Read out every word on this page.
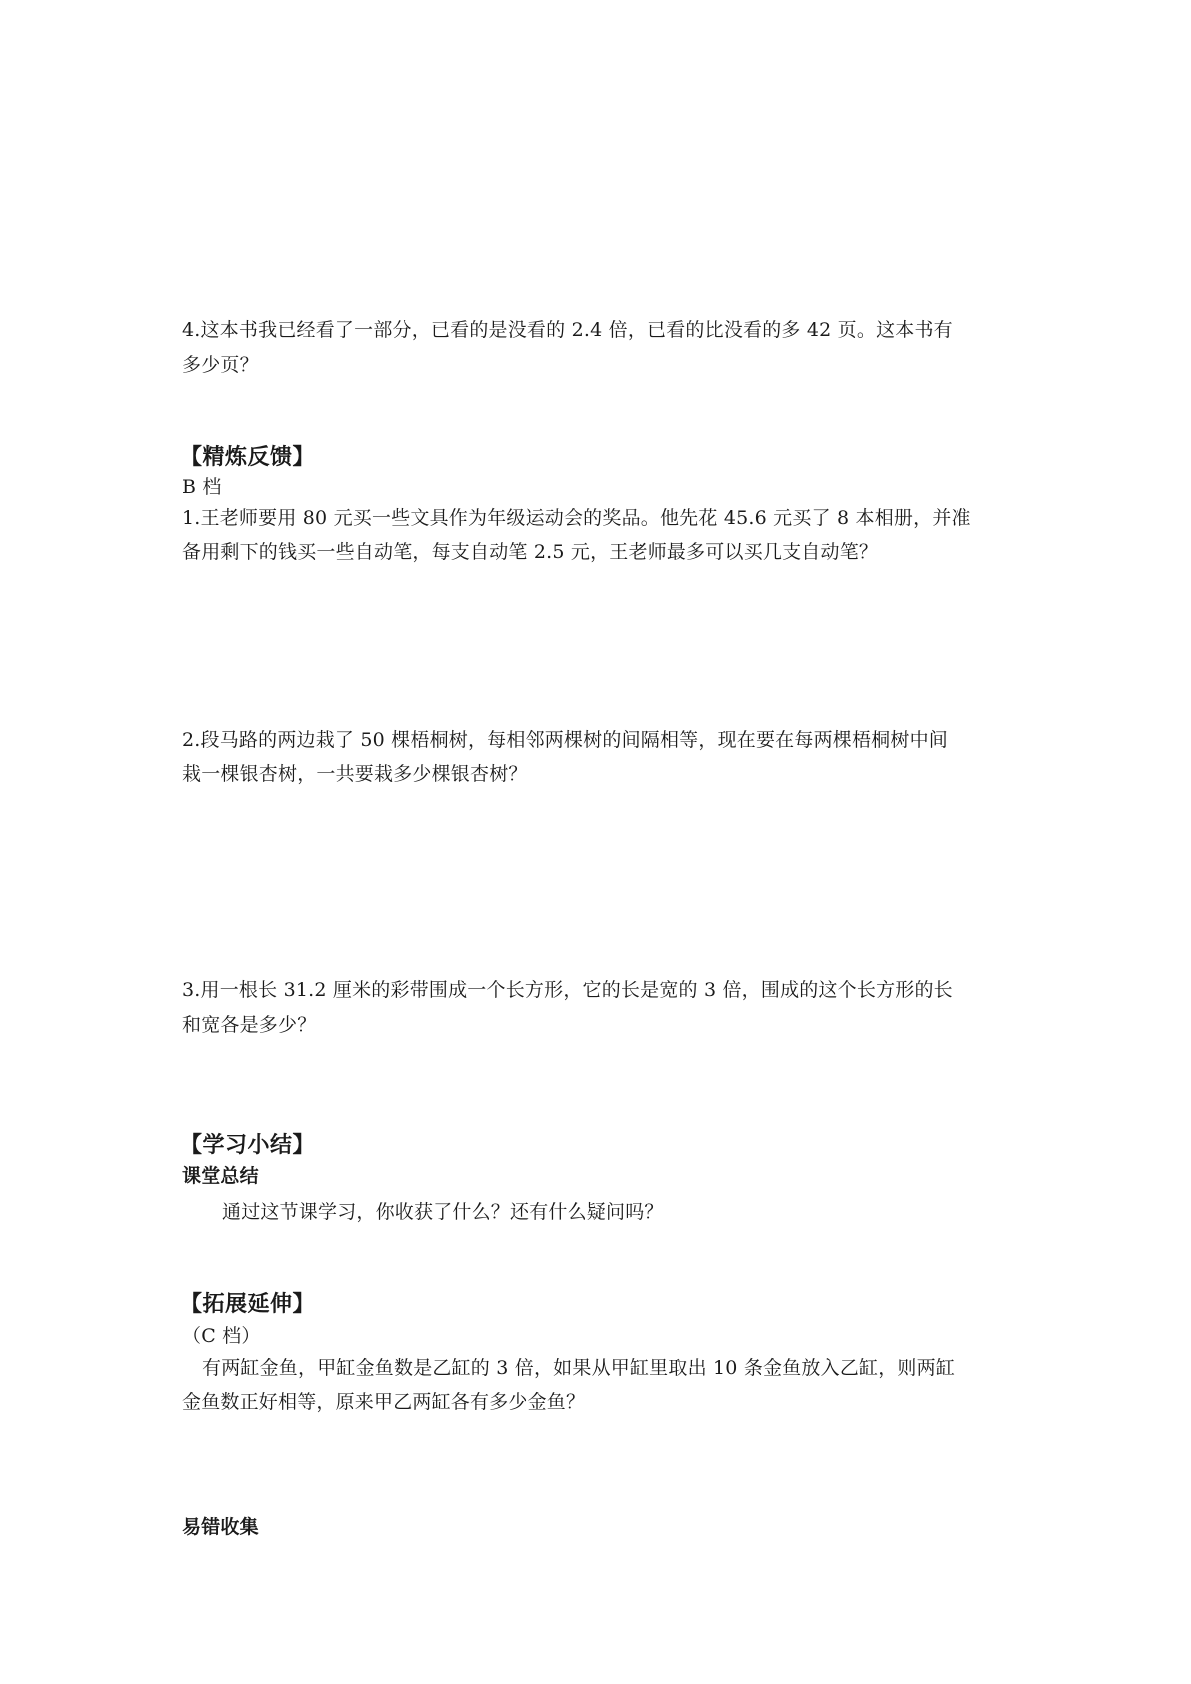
4.这本书我已经看了一部分，已看的是没看的 2.4 倍，已看的比没看的多 42 页。这本书有
多少页？
【精炼反馈】
B 档
1.王老师要用 80 元买一些文具作为年级运动会的奖品。他先花 45.6 元买了 8 本相册，并准
备用剩下的钱买一些自动笔，每支自动笔 2.5 元，王老师最多可以买几支自动笔？
2.段马路的两边栽了 50 棵梧桐树，每相邻两棵树的间隔相等，现在要在每两棵梧桐树中间
栽一棵银杏树，一共要栽多少棵银杏树？
3.用一根长 31.2 厘米的彩带围成一个长方形，它的长是宽的 3 倍，围成的这个长方形的长
和宽各是多少？
【学习小结】
课堂总结
通过这节课学习，你收获了什么？还有什么疑问吗？
【拓展延伸】
（C 档）
有两缸金鱼，甲缸金鱼数是乙缸的 3 倍，如果从甲缸里取出 10 条金鱼放入乙缸，则两缸
金鱼数正好相等，原来甲乙两缸各有多少金鱼？
易错收集
